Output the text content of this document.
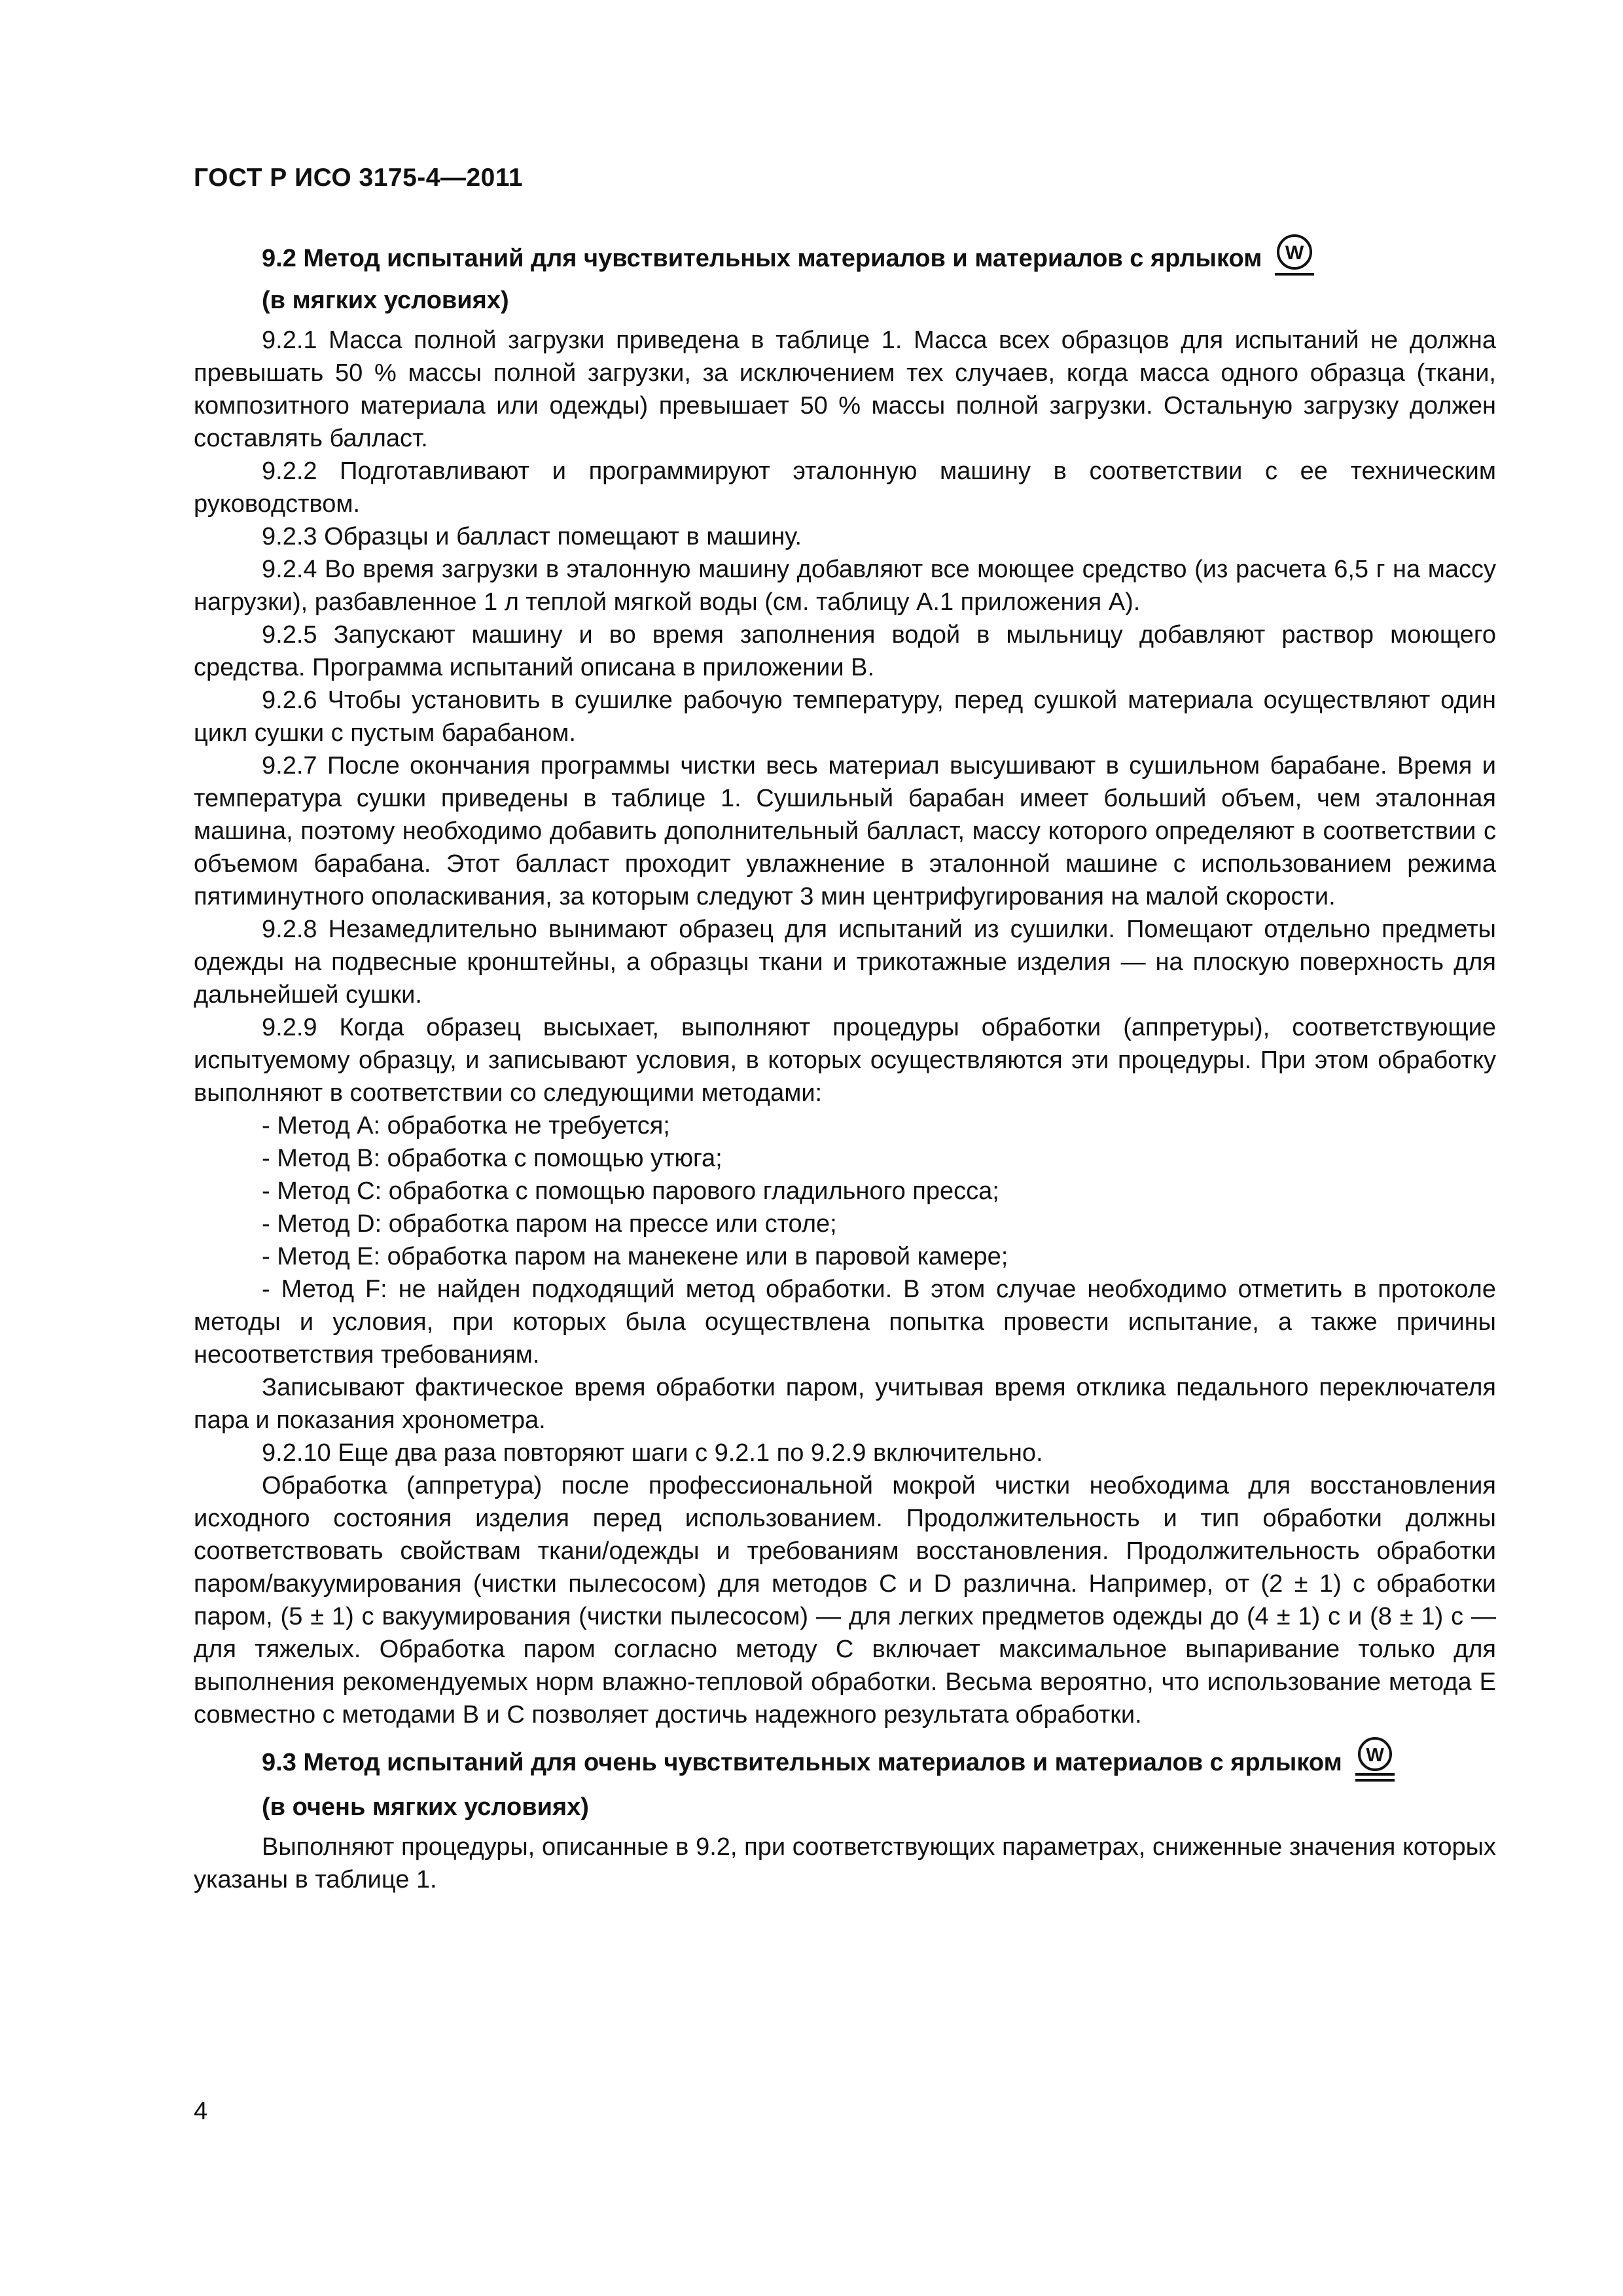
ГОСТ Р ИСО 3175-4—2011
9.2 Метод испытаний для чувствительных материалов и материалов с ярлыком W
(в мягких условиях)

9.2.1 Масса полной загрузки приведена в таблице 1. Масса всех образцов для испытаний не должна превышать 50 % массы полной загрузки, за исключением тех случаев, когда масса одного образца (ткани, композитного материала или одежды) превышает 50 % массы полной загрузки. Остальную загрузку должен составлять балласт.

9.2.2 Подготавливают и программируют эталонную машину в соответствии с ее техническим руководством.

9.2.3 Образцы и балласт помещают в машину.

9.2.4 Во время загрузки в эталонную машину добавляют все моющее средство (из расчета 6,5 г на массу нагрузки), разбавленное 1 л теплой мягкой воды (см. таблицу А.1 приложения А).

9.2.5 Запускают машину и во время заполнения водой в мыльницу добавляют раствор моющего средства. Программа испытаний описана в приложении В.

9.2.6 Чтобы установить в сушилке рабочую температуру, перед сушкой материала осуществляют один цикл сушки с пустым барабаном.

9.2.7 После окончания программы чистки весь материал высушивают в сушильном барабане. Время и температура сушки приведены в таблице 1. Сушильный барабан имеет больший объем, чем эталонная машина, поэтому необходимо добавить дополнительный балласт, массу которого определяют в соответствии с объемом барабана. Этот балласт проходит увлажнение в эталонной машине с использованием режима пятиминутного ополаскивания, за которым следуют 3 мин центрифугирования на малой скорости.

9.2.8 Незамедлительно вынимают образец для испытаний из сушилки. Помещают отдельно предметы одежды на подвесные кронштейны, а образцы ткани и трикотажные изделия — на плоскую поверхность для дальнейшей сушки.

9.2.9 Когда образец высыхает, выполняют процедуры обработки (аппретуры), соответствующие испытуемому образцу, и записывают условия, в которых осуществляются эти процедуры. При этом обработку выполняют в соответствии со следующими методами:

- Метод А: обработка не требуется;

- Метод В: обработка с помощью утюга;

- Метод С: обработка с помощью парового гладильного пресса;

- Метод D: обработка паром на прессе или столе;

- Метод Е: обработка паром на манекене или в паровой камере;

- Метод F: не найден подходящий метод обработки. В этом случае необходимо отметить в протоколе методы и условия, при которых была осуществлена попытка провести испытание, а также причины несоответствия требованиям.

Записывают фактическое время обработки паром, учитывая время отклика педального переключателя пара и показания хронометра.

9.2.10 Еще два раза повторяют шаги с 9.2.1 по 9.2.9 включительно.

Обработка (аппретура) после профессиональной мокрой чистки необходима для восстановления исходного состояния изделия перед использованием. Продолжительность и тип обработки должны соответствовать свойствам ткани/одежды и требованиям восстановления. Продолжительность обработки паром/вакуумирования (чистки пылесосом) для методов С и D различна. Например, от (2 ± 1) с обработки паром, (5 ± 1) с вакуумирования (чистки пылесосом) — для легких предметов одежды до (4 ± 1) с и (8 ± 1) с — для тяжелых. Обработка паром согласно методу С включает максимальное выпаривание только для выполнения рекомендуемых норм влажно-тепловой обработки. Весьма вероятно, что использование метода Е совместно с методами В и С позволяет достичь надежного результата обработки.

9.3 Метод испытаний для очень чувствительных материалов и материалов с ярлыком W
(в очень мягких условиях)

Выполняют процедуры, описанные в 9.2, при соответствующих параметрах, сниженные значения которых указаны в таблице 1.

4
